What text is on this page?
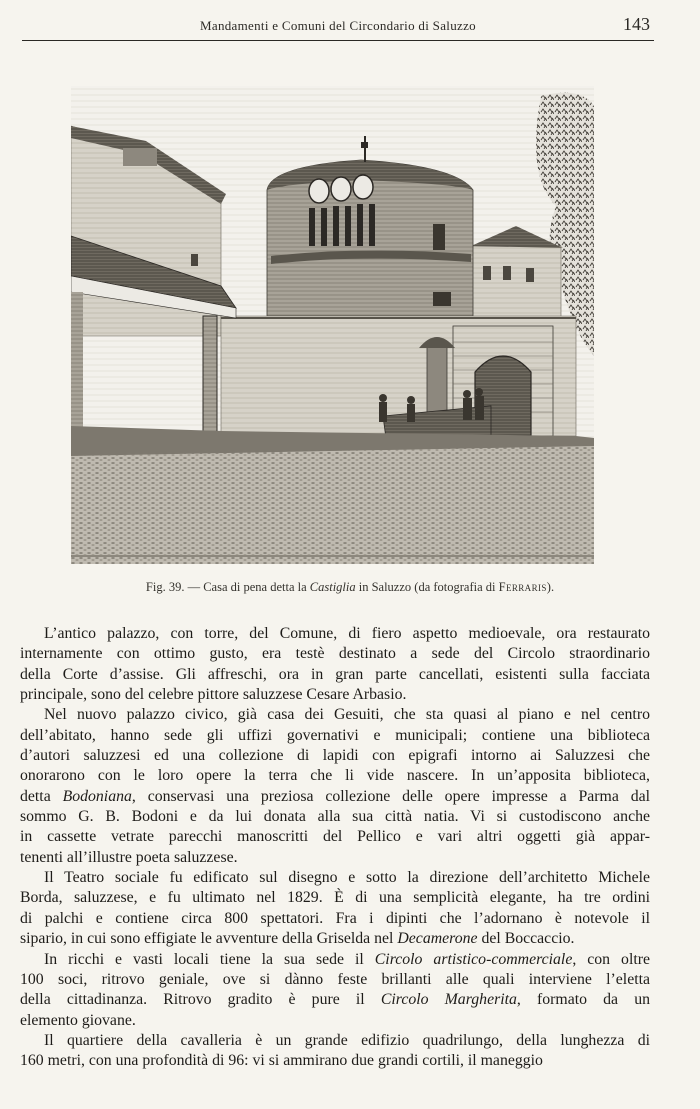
Mandamenti e Comuni del Circondario di Saluzzo	143
Fig. 39. — Casa di pena detta la Castiglia in Saluzzo (da fotografia di Ferraris).
L’antico palazzo, con torre, del Comune, di fiero aspetto medioevale, ora restaurato
internamente con ottimo gusto, era testè destinato a sede del Circolo straordinario
della Corte d’assise. Gli affreschi, ora in gran parte cancellati, esistenti sulla facciata
principale, sono del celebre pittore saluzzese Cesare Arbasio.
Nel nuovo palazzo civico, già casa dei Gesuiti, che sta quasi al piano e nel centro
dell’abitato, hanno sede gli uffizi governativi e municipali; contiene una biblioteca
d’autori saluzzesi ed una collezione di lapidi con epigrafi intorno ai Saluzzesi che
onorarono con le loro opere la terra che li vide nascere. In un’apposita biblioteca,
detta Bodoniana, conservasi una preziosa collezione delle opere impresse a Parma dal
sommo G. B. Bodoni e da lui donata alla sua città natia. Vi si custodiscono anche
in cassette vetrate parecchi manoscritti del Pellico e vari altri oggetti già appar-
tenenti all’illustre poeta saluzzese.
Il Teatro sociale fu edificato sul disegno e sotto la direzione dell’architetto Michele
Borda, saluzzese, e fu ultimato nel 1829. È di una semplicità elegante, ha tre ordini
di palchi e contiene circa 800 spettatori. Fra i dipinti che l’adornano è notevole il
sipario, in cui sono effigiate le avventure della Griselda nel Decamerone del Boccaccio.
In ricchi e vasti locali tiene la sua sede il Circolo artistico-commerciale, con oltre
100 soci, ritrovo geniale, ove si dànno feste brillanti alle quali interviene l’eletta
della cittadinanza. Ritrovo gradito è pure il Circolo Margherita, formato da un
elemento giovane.
Il quartiere della cavalleria è un grande edifizio quadrilungo, della lunghezza di
160 metri, con una profondità di 96: vi si ammirano due grandi cortili, il maneggio
